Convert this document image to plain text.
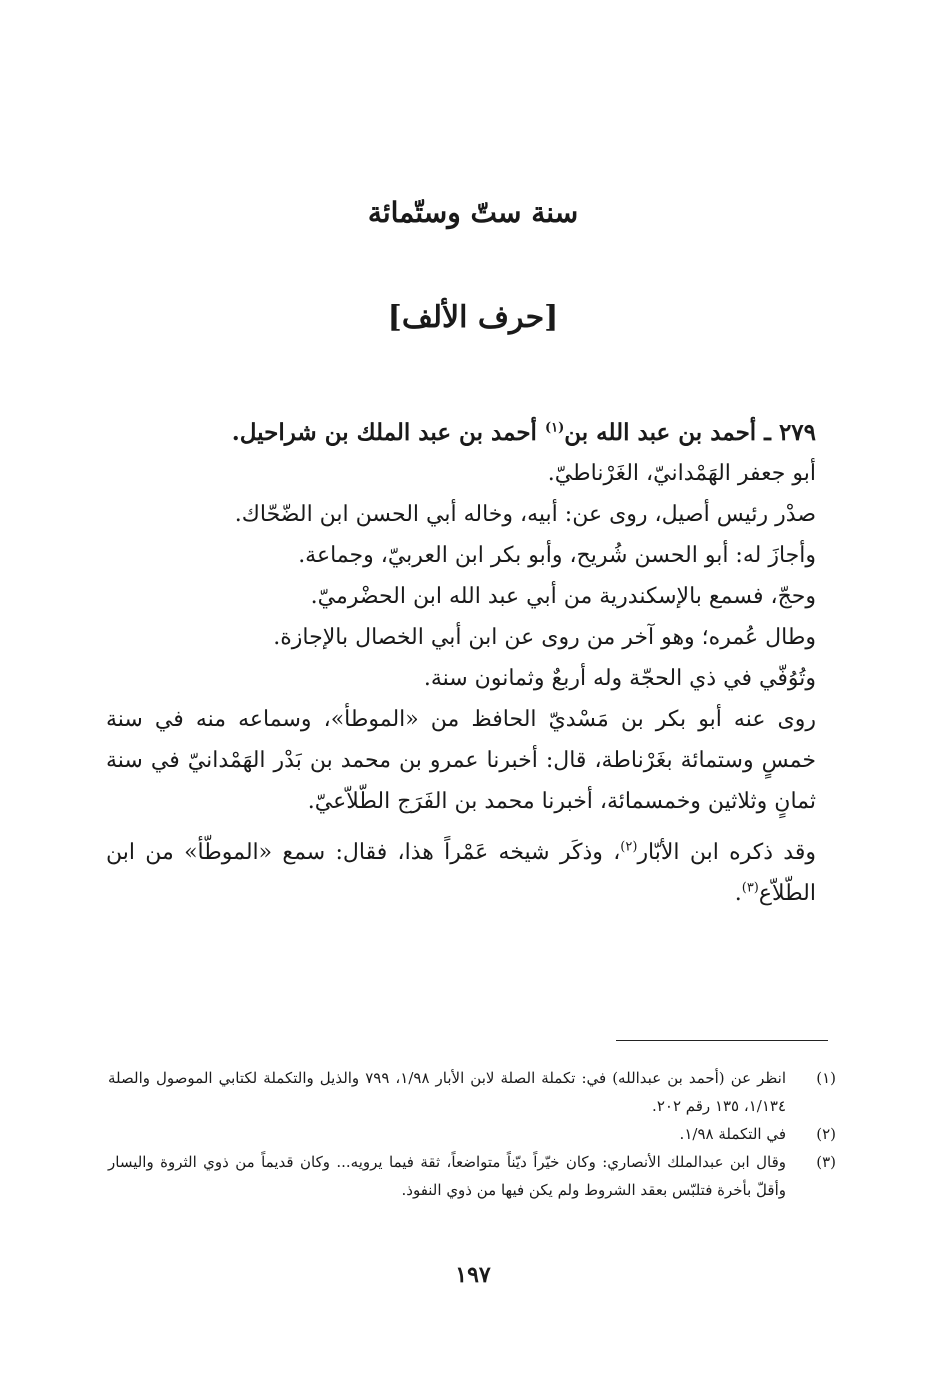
سنة ستّ وستّمائة
[حرف الألف]

٢٧٩ ـ أحمد بن عبد الله بن$^{(١)}$ أحمد بن عبد الملك بن شراحيل.

أبو جعفر الهَمْدانيّ، الغَرْناطيّ.

صدْر رئيس أصيل، روى عن: أبيه، وخاله أبي الحسن ابن الضّحّاك.

وأجازَ له: أبو الحسن شُريح، وأبو بكر ابن العربيّ، وجماعة.

وحجّ، فسمع بالإسكندرية من أبي عبد الله ابن الحضْرميّ.

وطال عُمره؛ وهو آخر من روى عن ابن أبي الخصال بالإجازة.

وتُوُفّي في ذي الحجّة وله أربعٌ وثمانون سنة.

روى عنه أبو بكر بن مَسْديّ الحافظ من «الموطأ»، وسماعه منه في سنة خمسٍ وستمائة بغَرْناطة، قال: أخبرنا عمرو بن محمد بن بَدْر الهَمْدانيّ في سنة ثمانٍ وثلاثين وخمسمائة، أخبرنا محمد بن الفَرَج الطّلاّعيّ.

وقد ذكره ابن الأبّار$^{(٢)}$، وذكَر شيخه عَمْراً هذا، فقال: سمع «الموطّأ» من ابن الطّلاّع$^{(٣)}$.

(١)
انظر عن (أحمد بن عبدالله) في: تكملة الصلة لابن الأبار ١/٩٨، ٧٩٩ والذيل والتكملة لكتابي الموصول والصلة ١/١٣٤، ١٣٥ رقم ٢٠٢.
(٢)
في التكملة ١/٩٨.
(٣)
وقال ابن عبدالملك الأنصاري: وكان خيّراً ديّناً متواضعاً، ثقة فيما يرويه... وكان قديماً من ذوي الثروة واليسار وأقلّ بأخرة فتلبّس بعقد الشروط ولم يكن فيها من ذوي النفوذ.
١٩٧
